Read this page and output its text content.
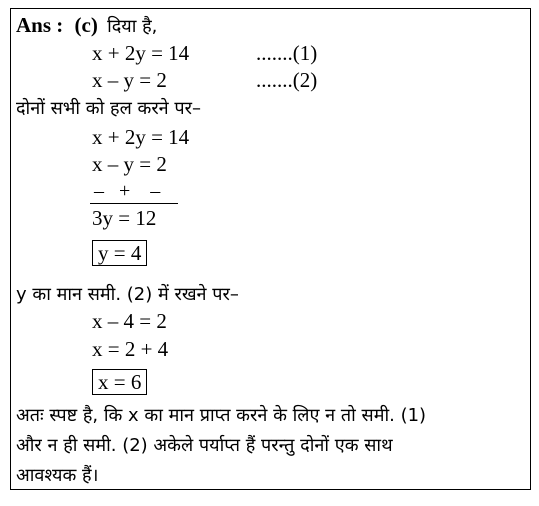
Ans : (c) दिया है,
x + 2y = 14	.......(1)
x – y = 2	.......(2)
दोनों सभी को हल करने पर–
x + 2y = 14
x – y = 2
–   +    –
3y = 12
y = 4
y का मान समी. (2) में रखने पर–
x – 4 = 2
x = 2 + 4
x = 6
अतः स्पष्ट है, कि x का मान प्राप्त करने के लिए न तो समी. (1)
और न ही समी. (2) अकेले पर्याप्त हैं परन्तु दोनों एक साथ
आवश्यक हैं।
